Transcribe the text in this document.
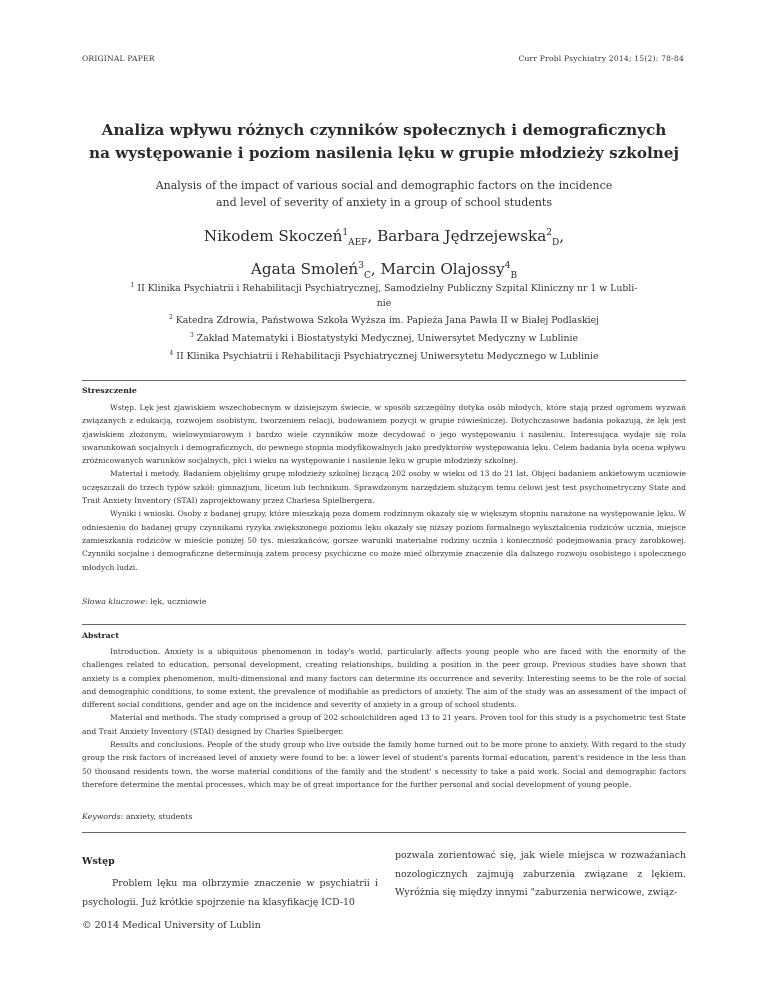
ORIGINAL PAPER	Curr Probl Psychiatry 2014; 15(2): 78-84
Analiza wpływu różnych czynników społecznych i demograficznych
na występowanie i poziom nasilenia lęku w grupie młodzieży szkolnej
Analysis of the impact of various social and demographic factors on the incidence
and level of severity of anxiety in a group of school students
Nikodem Skoczeń$^1_{AEF}$, Barbara Jędrzejewska$^2_D$,
Agata Smoleń$^3_C$, Marcin Olajossy$^4_B$
$^1$ II Klinika Psychiatrii i Rehabilitacji Psychiatrycznej, Samodzielny Publiczny Szpital Kliniczny nr 1 w Lubli-
nie
$^2$ Katedra Zdrowia, Państwowa Szkoła Wyższa im. Papieża Jana Pawła II w Białej Podlaskiej
$^3$ Zakład Matematyki i Biostatystyki Medycznej, Uniwersytet Medyczny w Lublinie
$^4$ II Klinika Psychiatrii i Rehabilitacji Psychiatrycznej Uniwersytetu Medycznego w Lublinie
Streszczenie

Wstęp. Lęk jest zjawiskiem wszechobecnym w dzisiejszym świecie, w sposób szczególny dotyka osób młodych, które stają przed ogromem wyzwań związanych z edukacją, rozwojem osobistym, tworzeniem relacji, budowaniem pozycji w grupie rówieśniczej. Dotychczasowe badania pokazują, że lęk jest zjawiskiem złożonym, wielowymiarowym i bardzo wiele czynników może decydować o jego występowaniu i nasileniu. Interesująca wydaje się rola uwarunkowań socjalnych i demograficznych, do pewnego stopnia modyfikowalnych jako predyktorów występowania lęku. Celem badania była ocena wpływu zróżnicowanych warunków socjalnych, płci i wieku na występowanie i nasilenie lęku w grupie młodzieży szkolnej.

Materiał i metody. Badaniem objęliśmy grupę młodzieży szkolnej liczącą 202 osoby w wieku od 13 do 21 lat. Objęci badaniem ankietowym uczniowie uczęszczali do trzech typów szkół: gimnazjum, liceum lub technikum. Sprawdzonym narzędziem służącym temu celowi jest test psychometryczny State and Trait Anxiety Inventory (STAI) zaprojektowany przez Charlesa Spielbergera.

Wyniki i wnioski. Osoby z badanej grupy, które mieszkają poza domem rodzinnym okazały się w większym stopniu narażone na występowanie lęku. W odniesieniu do badanej grupy czynnikami ryzyka zwiększonego poziomu lęku okazały się niższy poziom formalnego wykształcenia rodziców ucznia, miejsce zamieszkania rodziców w mieście poniżej 50 tys. mieszkańców, gorsze warunki materialne rodziny ucznia i konieczność podejmowania pracy zarobkowej. Czynniki socjalne i demograficzne determinują zatem procesy psychiczne co może mieć olbrzymie znaczenie dla dalszego rozwoju osobistego i społecznego młodych ludzi.

Słowa kluczowe: lęk, uczniowie
Abstract

Introduction. Anxiety is a ubiquitous phenomenon in today's world, particularly affects young people who are faced with the enormity of the challenges related to education, personal development, creating relationships, building a position in the peer group. Previous studies have shown that anxiety is a complex phenomenon, multi-dimensional and many factors can determine its occurrence and severity. Interesting seems to be the role of social and demographic conditions, to some extent, the prevalence of modifiable as predictors of anxiety. The aim of the study was an assessment of the impact of different social conditions, gender and age on the incidence and severity of anxiety in a group of school students.

Material and methods. The study comprised a group of 202 schoolchildren aged 13 to 21 years. Proven tool for this study is a psychometric test State and Trait Anxiety Inventory (STAI) designed by Charles Spielberger.

Results and conclusions. People of the study group who live outside the family home turned out to be more prone to anxiety. With regard to the study group the risk factors of increased level of anxiety were found to be: a lower level of student's parents formal education, parent's residence in the less than 50 thousand residents town, the worse material conditions of the family and the student' s necessity to take a paid work. Social and demographic factors therefore determine the mental processes, which may be of great importance for the further personal and social development of young people.

Keywords: anxiety, students
Wstęp

Problem lęku ma olbrzymie znaczenie w psychiatrii i psychologii. Już krótkie spojrzenie na klasyfikację ICD-10

pozwala zorientować się, jak wiele miejsca w rozważaniach nozologicznych zajmują zaburzenia związane z lękiem. Wyróżnia się między innymi "zaburzenia nerwicowe, związ-

© 2014 Medical University of Lublin
